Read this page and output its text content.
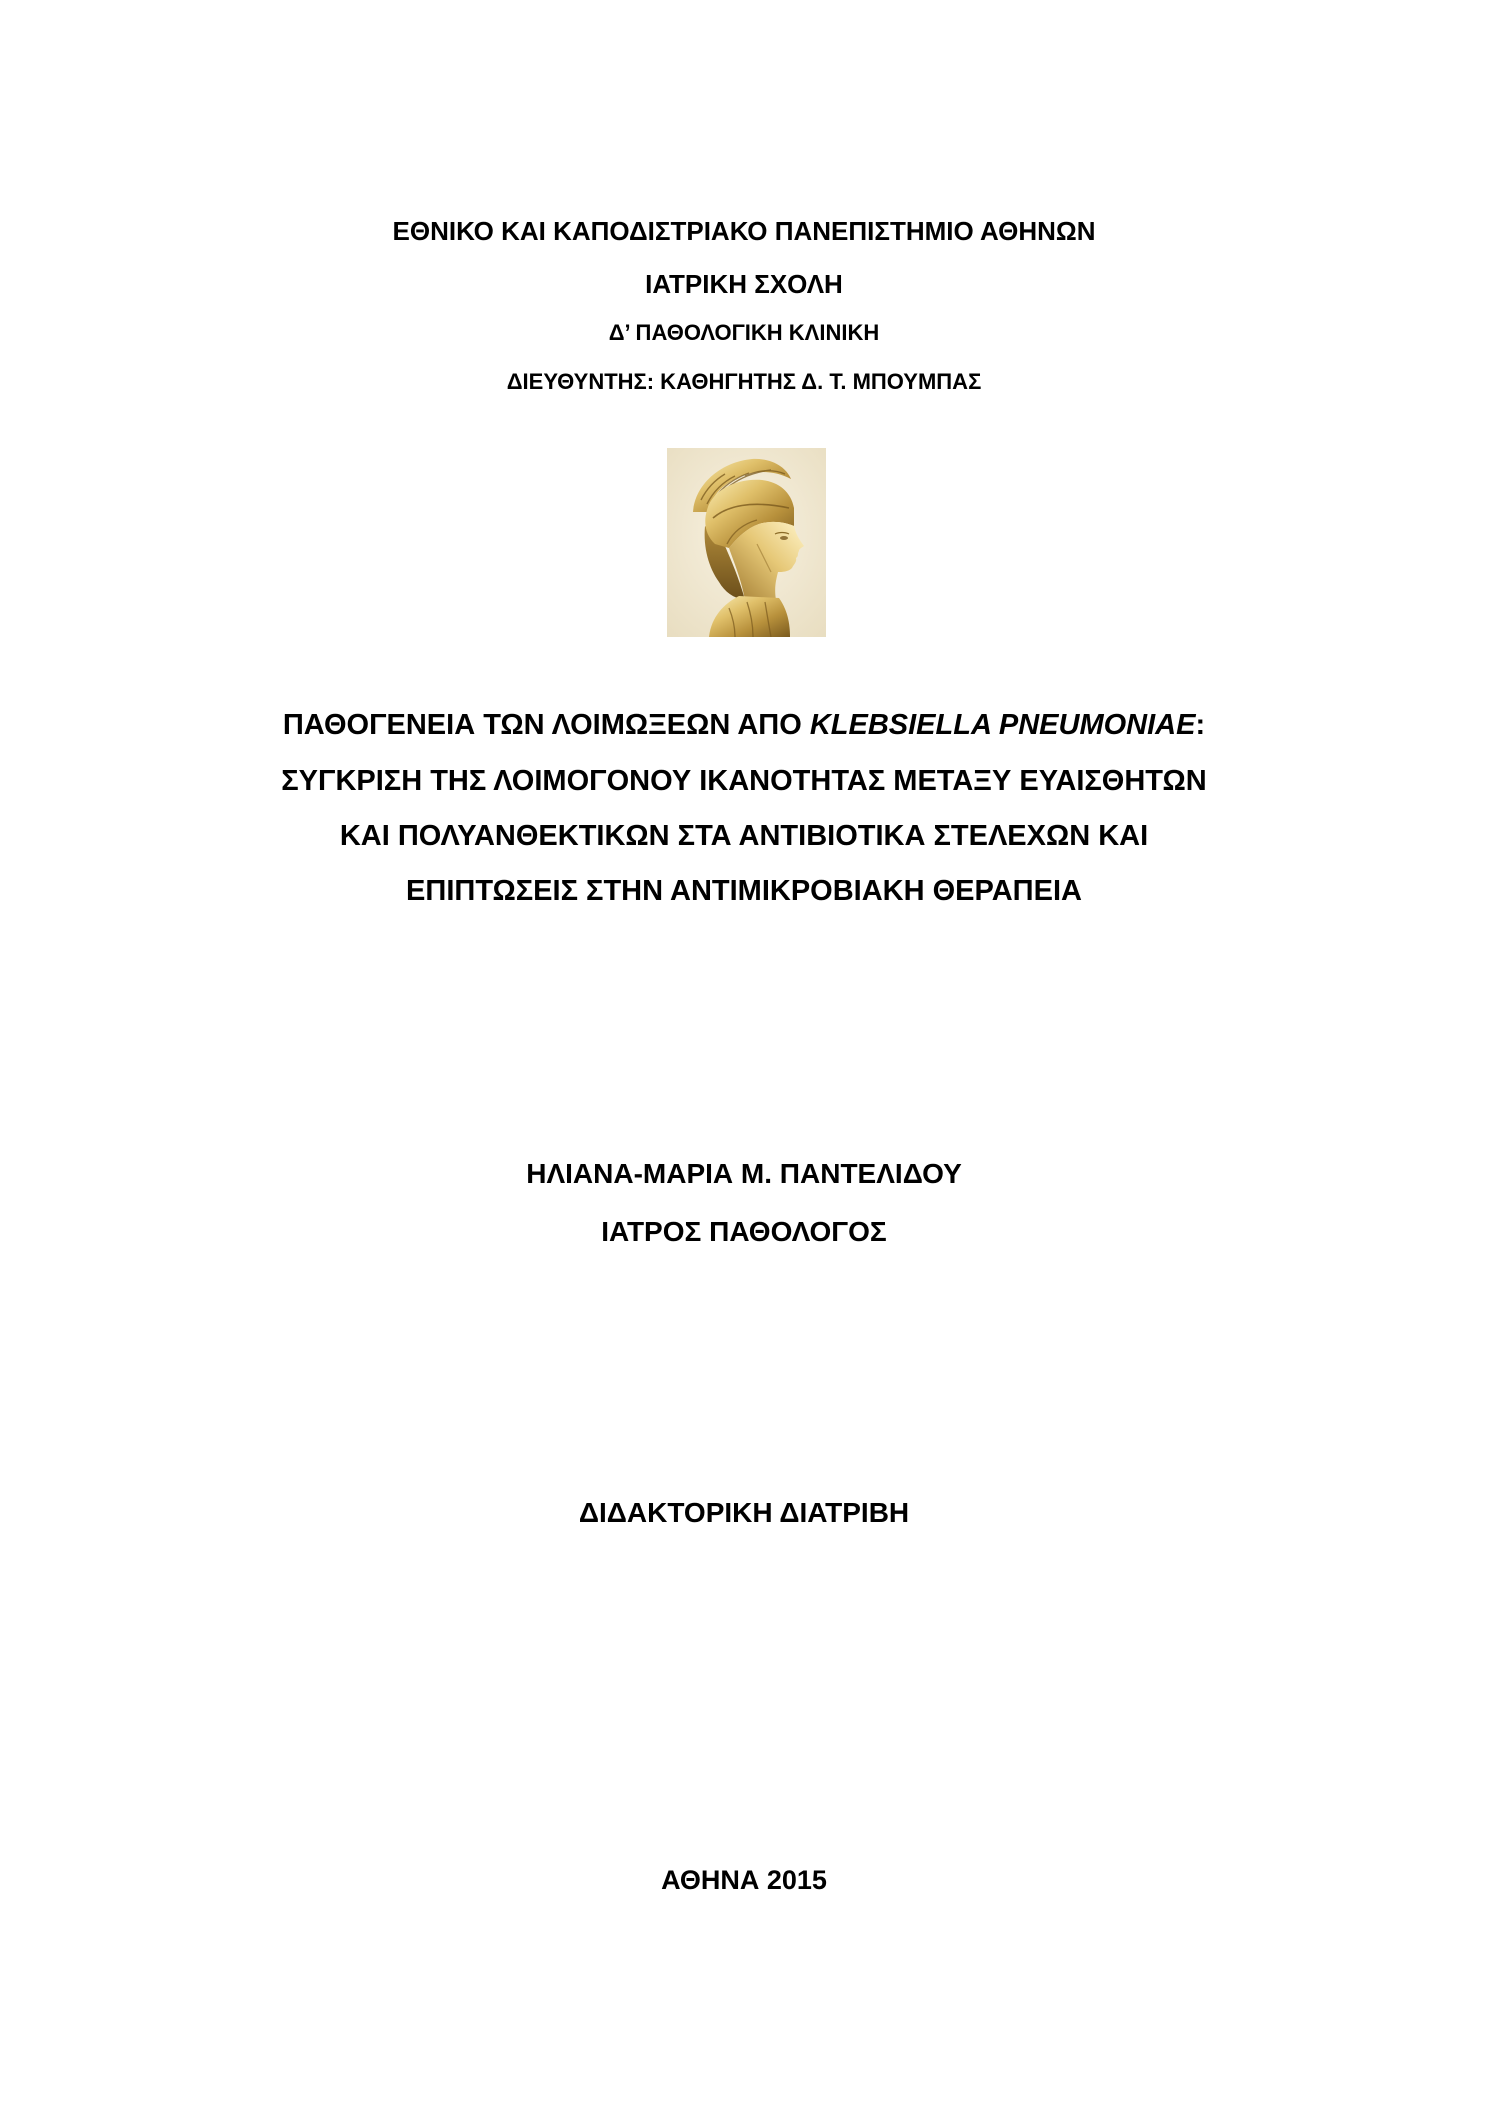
ΕΘΝΙΚΟ ΚΑΙ ΚΑΠΟΔΙΣΤΡΙΑΚΟ ΠΑΝΕΠΙΣΤΗΜΙΟ ΑΘΗΝΩΝ
ΙΑΤΡΙΚΗ ΣΧΟΛΗ
Δ’ ΠΑΘΟΛΟΓΙΚΗ ΚΛΙΝΙΚΗ
ΔΙΕΥΘΥΝΤΗΣ: ΚΑΘΗΓΗΤΗΣ Δ. Τ. ΜΠΟΥΜΠΑΣ
ΠΑΘΟΓΕΝΕΙΑ ΤΩΝ ΛΟΙΜΩΞΕΩΝ ΑΠΟ KLEBSIELLA PNEUMONIAE:
ΣΥΓΚΡΙΣΗ ΤΗΣ ΛΟΙΜΟΓΟΝΟΥ ΙΚΑΝΟΤΗΤΑΣ ΜΕΤΑΞΥ ΕΥΑΙΣΘΗΤΩΝ
ΚΑΙ ΠΟΛΥΑΝΘΕΚΤΙΚΩΝ ΣΤΑ ΑΝΤΙΒΙΟΤΙΚΑ ΣΤΕΛΕΧΩΝ ΚΑΙ
ΕΠΙΠΤΩΣΕΙΣ ΣΤΗΝ ΑΝΤΙΜΙΚΡΟΒΙΑΚΗ ΘΕΡΑΠΕΙΑ
ΗΛΙΑΝΑ-ΜΑΡΙΑ Μ. ΠΑΝΤΕΛΙΔΟΥ
ΙΑΤΡΟΣ ΠΑΘΟΛΟΓΟΣ
ΔΙΔΑΚΤΟΡΙΚΗ ΔΙΑΤΡΙΒΗ
ΑΘΗΝΑ 2015
